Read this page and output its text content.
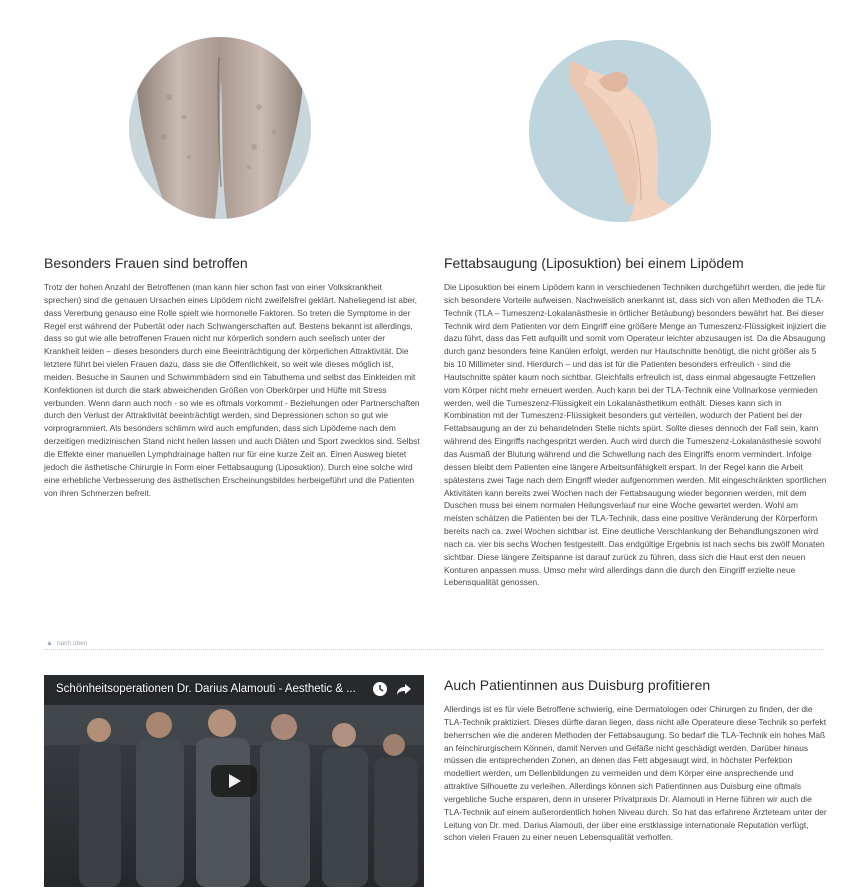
Besonders Frauen sind betroffen

Trotz der hohen Anzahl der Betroffenen (man kann hier schon fast von einer Volkskrankheit sprechen) sind die genauen Ursachen eines Lipödem nicht zweifelsfrei geklärt. Naheliegend ist aber, dass Vererbung genauso eine Rolle spielt wie hormonelle Faktoren. So treten die Symptome in der Regel erst während der Pubertät oder nach Schwangerschaften auf. Bestens bekannt ist allerdings, dass so gut wie alle betroffenen Frauen nicht nur körperlich sondern auch seelisch unter der Krankheit leiden – dieses besonders durch eine Beeinträchtigung der körperlichen Attraktivität. Die letztere führt bei vielen Frauen dazu, dass sie die Öffentlichkeit, so weit wie dieses möglich ist, meiden. Besuche in Saunen und Schwimmbädern sind ein Tabuthema und selbst das Einkleiden mit Konfektionen ist durch die stark abweichenden Größen von Oberkörper und Hüfte mit Stress verbunden. Wenn dann auch noch - so wie es oftmals vorkommt - Beziehungen oder Partnerschaften durch den Verlust der Attraktivität beeinträchtigt werden, sind Depressionen schon so gut wie vorprogrammiert. Als besonders schlimm wird auch empfunden, dass sich Lipödeme nach dem derzeitigen medizinischen Stand nicht heilen lassen und auch Diäten und Sport zwecklos sind. Selbst die Effekte einer manuellen Lymphdrainage halten nur für eine kurze Zeit an. Einen Ausweg bietet jedoch die ästhetische Chirurgie in Form einer Fettabsaugung (Liposuktion). Durch eine solche wird eine erhebliche Verbesserung des ästhetischen Erscheinungsbildes herbeigeführt und die Patienten von ihren Schmerzen befreit.

Fettabsaugung (Liposuktion) bei einem Lipödem

Die Liposuktion bei einem Lipödem kann in verschiedenen Techniken durchgeführt werden, die jede für sich besondere Vorteile aufweisen. Nachweislich anerkannt ist, dass sich von allen Methoden die TLA-Technik (TLA – Tumeszenz-Lokalanästhesie in örtlicher Betäubung) besonders bewährt hat. Bei dieser Technik wird dem Patienten vor dem Eingriff eine größere Menge an Tumeszenz-Flüssigkeit injiziert die dazu führt, dass das Fett aufquillt und somit vom Operateur leichter abzusaugen ist. Da die Absaugung durch ganz besonders feine Kanülen erfolgt, werden nur Hautschnitte benötigt, die nicht größer als 5 bis 10 Millimeter sind. Hierdurch – und das ist für die Patienten besonders erfreulich - sind die Hautschnitte später kaum noch sichtbar. Gleichfalls erfreulich ist, dass einmal abgesaugte Fettzellen vom Körper nicht mehr erneuert werden. Auch kann bei der TLA-Technik eine Vollnarkose vermieden werden, weil die Tumeszenz-Flüssigkeit ein Lokalanästhetikum enthält. Dieses kann sich in Kombination mit der Tumeszenz-Flüssigkeit besonders gut verteilen, wodurch der Patient bei der Fettabsaugung an der zu behandelnden Stelle nichts spürt. Sollte dieses dennoch der Fall sein, kann während des Eingriffs nachgespritzt werden. Auch wird durch die Tumeszenz-Lokalanästhesie sowohl das Ausmaß der Blutung während und die Schwellung nach des Eingriffs enorm vermindert. Infolge dessen bleibt dem Patienten eine längere Arbeitsunfähigkeit erspart. In der Regel kann die Arbeit spätestens zwei Tage nach dem Eingriff wieder aufgenommen werden. Mit eingeschränkten sportlichen Aktivitäten kann bereits zwei Wochen nach der Fettabsaugung wieder begonnen werden, mit dem Duschen muss bei einem normalen Heilungsverlauf nur eine Woche gewartet werden. Wohl am meisten schätzen die Patienten bei der TLA-Technik, dass eine positive Veränderung der Körperform bereits nach ca. zwei Wochen sichtbar ist. Eine deutliche Verschlankung der Behandlungszonen wird nach ca. vier bis sechs Wochen festgestellt. Das endgültige Ergebnis ist nach sechs bis zwölf Monaten sichtbar. Diese längere Zeitspanne ist darauf zurück zu führen, dass sich die Haut erst den neuen Konturen anpassen muss. Umso mehr wird allerdings dann die durch den Eingriff erzielte neue Lebensqualität genossen.

▲ nach oben
Schönheitsoperationen Dr. Darius Alamouti - Aesthetic & ...	Auch Patientinnen aus Duisburg profitieren

Allerdings ist es für viele Betroffene schwierig, eine Dermatologen oder Chirurgen zu finden, der die TLA-Technik praktiziert. Dieses dürfte daran liegen, dass nicht alle Operateure diese Technik so perfekt beherrschen wie die anderen Methoden der Fettabsaugung. So bedarf die TLA-Technik ein hohes Maß an feinchirurgischem Können, damit Nerven und Gefäße nicht geschädigt werden. Darüber hinaus müssen die entsprechenden Zonen, an denen das Fett abgesaugt wird, in höchster Perfektion modelliert werden, um Dellenbildungen zu vermeiden und dem Körper eine ansprechende und attraktive Silhouette zu verleihen. Allerdings können sich Patientinnen aus Duisburg eine oftmals vergebliche Suche ersparen, denn in unserer Privatpraxis Dr. Alamouti in Herne führen wir auch die TLA-Technik auf einem außerordentlich hohen Niveau durch. So hat das erfahrene Ärzteteam unter der Leitung von Dr. med. Darius Alamouti, der über eine erstklassige internationale Reputation verfügt, schon vielen Frauen zu einer neuen Lebensqualität verholfen.
